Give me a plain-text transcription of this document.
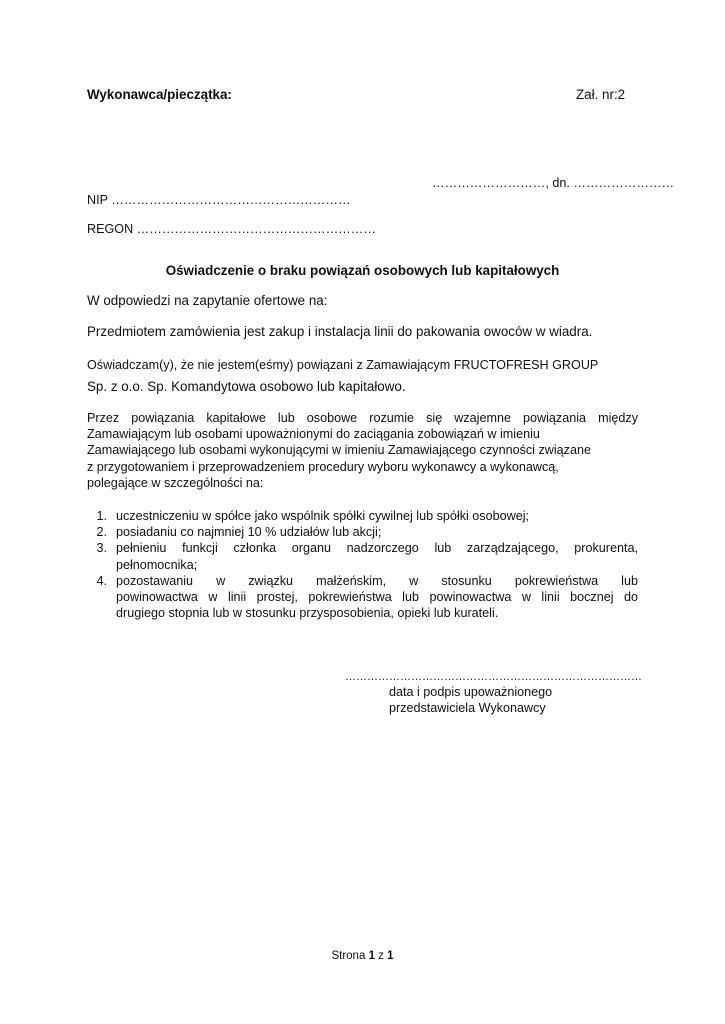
Wykonawca/pieczątka:	Zał. nr:2
………………………, dn. ……………………
NIP …………………………………………………
REGON …………………………………………………
Oświadczenie o braku powiązań osobowych lub kapitałowych
W odpowiedzi na zapytanie ofertowe na:
Przedmiotem zamówienia jest zakup i instalacja linii do pakowania owoców w wiadra.
Oświadczam(y), że nie jestem(eśmy) powiązani z Zamawiającym FRUCTOFRESH GROUP
Sp. z o.o. Sp. Komandytowa osobowo lub kapitałowo.
Przez powiązania kapitałowe lub osobowe rozumie się wzajemne powiązania między
Zamawiającym lub osobami upoważnionymi do zaciągania zobowiązań w imieniu
Zamawiającego lub osobami wykonującymi w imieniu Zamawiającego czynności związane
z przygotowaniem i przeprowadzeniem procedury wyboru wykonawcy a wykonawcą,
polegające w szczególności na:
1. uczestniczeniu w spółce jako wspólnik spółki cywilnej lub spółki osobowej;
2. posiadaniu co najmniej 10 % udziałów lub akcji;
3. pełnieniu funkcji członka organu nadzorczego lub zarządzającego, prokurenta,
pełnomocnika;
4. pozostawaniu w związku małżeńskim, w stosunku pokrewieństwa lub
powinowactwa w linii prostej, pokrewieństwa lub powinowactwa w linii bocznej do
drugiego stopnia lub w stosunku przysposobienia, opieki lub kurateli.
………………………………………………………………………
data i podpis upoważnionego
przedstawiciela Wykonawcy
Strona 1 z 1
